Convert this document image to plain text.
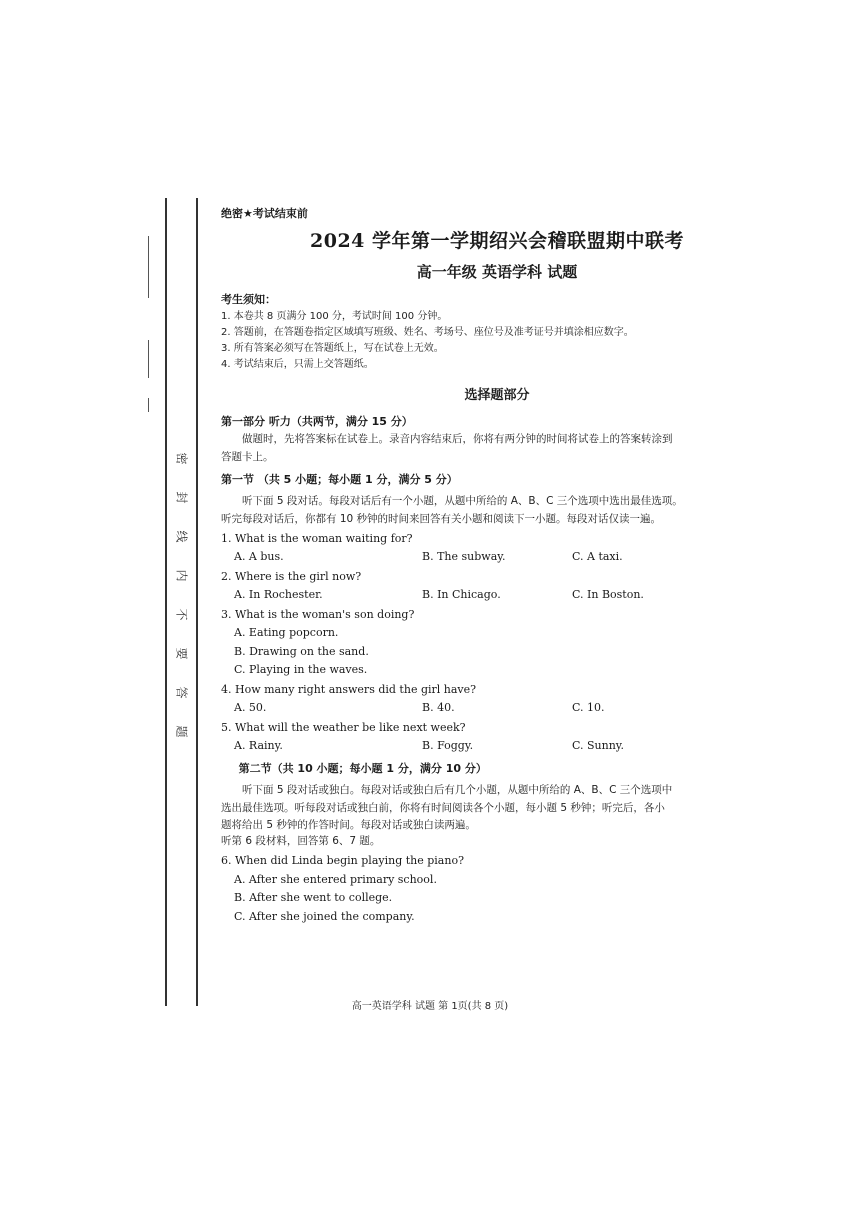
密
封
线
内
不
要
答
题

绝密★考试结束前

2024 学年第一学期绍兴会稽联盟期中联考
高一年级 英语学科 试题

考生须知：

1. 本卷共 8 页满分 100 分，考试时间 100 分钟。

2. 答题前，在答题卷指定区域填写班级、姓名、考场号、座位号及准考证号并填涂相应数字。

3. 所有答案必须写在答题纸上，写在试卷上无效。

4. 考试结束后，只需上交答题纸。

选择题部分

第一部分 听力（共两节，满分 15 分）

做题时，先将答案标在试卷上。录音内容结束后，你将有两分钟的时间将试卷上的答案转涂到

答题卡上。

第一节 （共 5 小题；每小题 1 分，满分 5 分）

听下面 5 段对话。每段对话后有一个小题，从题中所给的 A、B、C 三个选项中选出最佳选项。

听完每段对话后，你都有 10 秒钟的时间来回答有关小题和阅读下一小题。每段对话仅读一遍。

1. What is the woman waiting for?

A. A bus.	B. The subway.	C. A taxi.

2. Where is the girl now?

A. In Rochester.	B. In Chicago.	C. In Boston.

3. What is the woman's son doing?

A. Eating popcorn.

B. Drawing on the sand.

C. Playing in the waves.

4. How many right answers did the girl have?

A. 50.	B. 40.	C. 10.

5. What will the weather be like next week?

A. Rainy.	B. Foggy.	C. Sunny.

第二节（共 10 小题；每小题 1 分，满分 10 分）

听下面 5 段对话或独白。每段对话或独白后有几个小题，从题中所给的 A、B、C 三个选项中

选出最佳选项。听每段对话或独白前，你将有时间阅读各个小题，每小题 5 秒钟；听完后，各小

题将给出 5 秒钟的作答时间。每段对话或独白读两遍。

听第 6 段材料，回答第 6、7 题。

6. When did Linda begin playing the piano?

A. After she entered primary school.

B. After she went to college.

C. After she joined the company.

高一英语学科 试题 第 1页(共 8 页)
